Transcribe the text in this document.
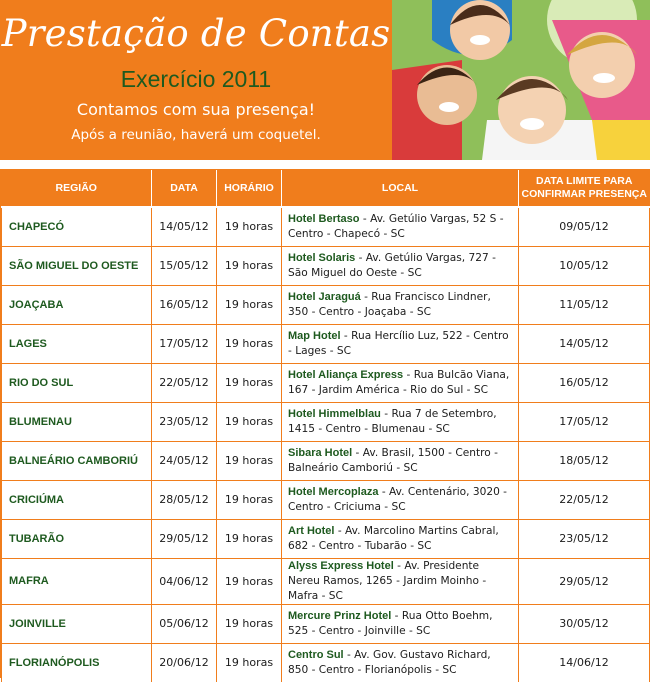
Prestação de Contas
Exercício 2011
Contamos com sua presença!
Após a reunião, haverá um coquetel.
REGIÃO	DATA	HORÁRIO	LOCAL	DATA LIMITE PARA
CONFIRMAR PRESENÇA
CHAPECÓ	14/05/12	19 horas	Hotel Bertaso - Av. Getúlio Vargas, 52 S - Centro - Chapecó - SC	09/05/12
SÃO MIGUEL DO OESTE	15/05/12	19 horas	Hotel Solaris - Av. Getúlio Vargas, 727 - São Miguel do Oeste - SC	10/05/12
JOAÇABA	16/05/12	19 horas	Hotel Jaraguá - Rua Francisco Lindner, 350 - Centro - Joaçaba - SC	11/05/12
LAGES	17/05/12	19 horas	Map Hotel - Rua Hercílio Luz, 522 - Centro - Lages - SC	14/05/12
RIO DO SUL	22/05/12	19 horas	Hotel Aliança Express - Rua Bulcão Viana, 167 - Jardim América - Rio do Sul - SC	16/05/12
BLUMENAU	23/05/12	19 horas	Hotel Himmelblau - Rua 7 de Setembro, 1415 - Centro - Blumenau - SC	17/05/12
BALNEÁRIO CAMBORIÚ	24/05/12	19 horas	Sibara Hotel - Av. Brasil, 1500 - Centro - Balneário Camboriú - SC	18/05/12
CRICIÚMA	28/05/12	19 horas	Hotel Mercoplaza - Av. Centenário, 3020 - Centro - Criciuma - SC	22/05/12
TUBARÃO	29/05/12	19 horas	Art Hotel - Av. Marcolino Martins Cabral, 682 - Centro - Tubarão - SC	23/05/12
MAFRA	04/06/12	19 horas	Alyss Express Hotel - Av. Presidente Nereu Ramos, 1265 - Jardim Moinho - Mafra - SC	29/05/12
JOINVILLE	05/06/12	19 horas	Mercure Prinz Hotel - Rua Otto Boehm, 525 - Centro - Joinville - SC	30/05/12
FLORIANÓPOLIS	20/06/12	19 horas	Centro Sul - Av. Gov. Gustavo Richard, 850 - Centro - Florianópolis - SC	14/06/12
